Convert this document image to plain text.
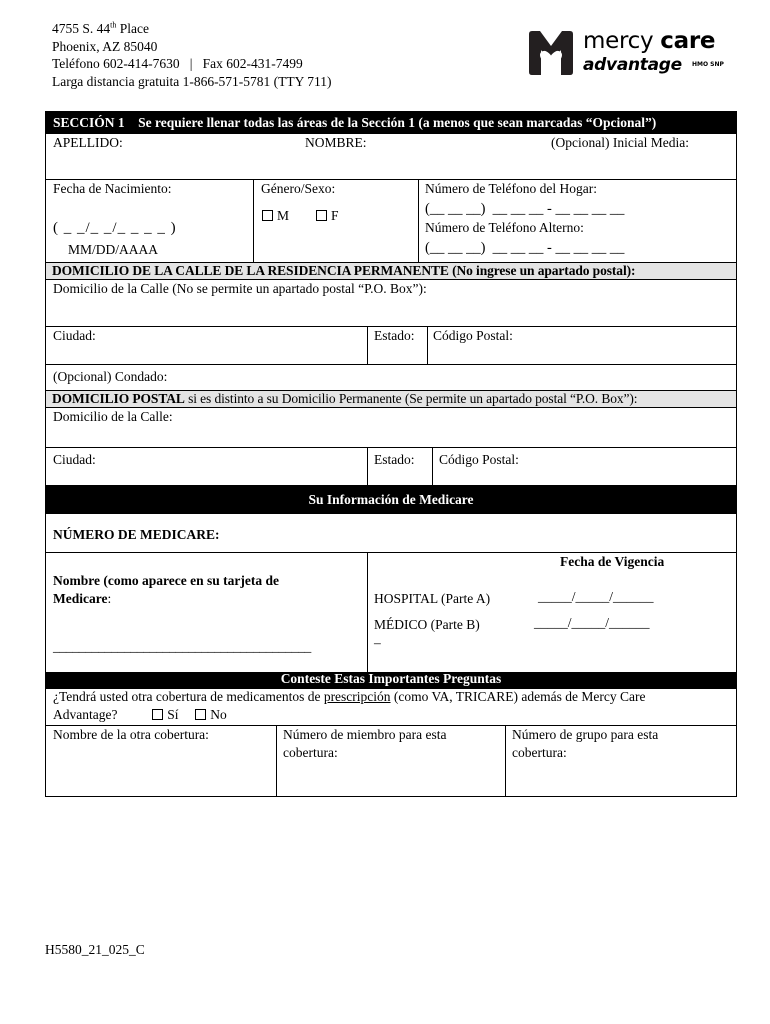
4755 S. 44th Place
Phoenix, AZ 85040
Teléfono 602-414-7630   |   Fax 602-431-7499
Larga distancia gratuita 1-866-571-5781 (TTY 711)
mercy care
advantage HMO SNP
SECCIÓN 1    Se requiere llenar todas las áreas de la Sección 1 (a menos que sean marcadas “Opcional”)
APELLIDO:	NOMBRE:	(Opcional) Inicial Media:
Fecha de Nacimiento:
( _ _/_ _/_ _ _ _ )
MM/DD/AAAA
Género/Sexo:
M	F
Número de Teléfono del Hogar:
(__ __ __)  __ __ __ - __ __ __ __
Número de Teléfono Alterno:
(__ __ __)  __ __ __ - __ __ __ __
DOMICILIO DE LA CALLE DE LA RESIDENCIA PERMANENTE (No ingrese un apartado postal):
Domicilio de la Calle (No se permite un apartado postal “P.O. Box”):
Ciudad:	Estado: Código Postal:
(Opcional) Condado:
DOMICILIO POSTAL si es distinto a su Domicilio Permanente (Se permite un apartado postal “P.O. Box”):
Domicilio de la Calle:
Ciudad:	Estado: Código Postal:
Su Información de Medicare
NÚMERO DE MEDICARE:
Nombre (como aparece en su tarjeta de
Medicare:
________________________________________
Fecha de Vigencia
HOSPITAL (Parte A)	_____/_____/______
MÉDICO (Parte B)	_____/_____/______
–
Conteste Estas Importantes Preguntas
¿Tendrá usted otra cobertura de medicamentos de prescripción (como VA, TRICARE) además de Mercy Care
Advantage?	Sí No
Nombre de la otra cobertura:	Número de miembro para esta
cobertura:
Número de grupo para esta
cobertura:
H5580_21_025_C
